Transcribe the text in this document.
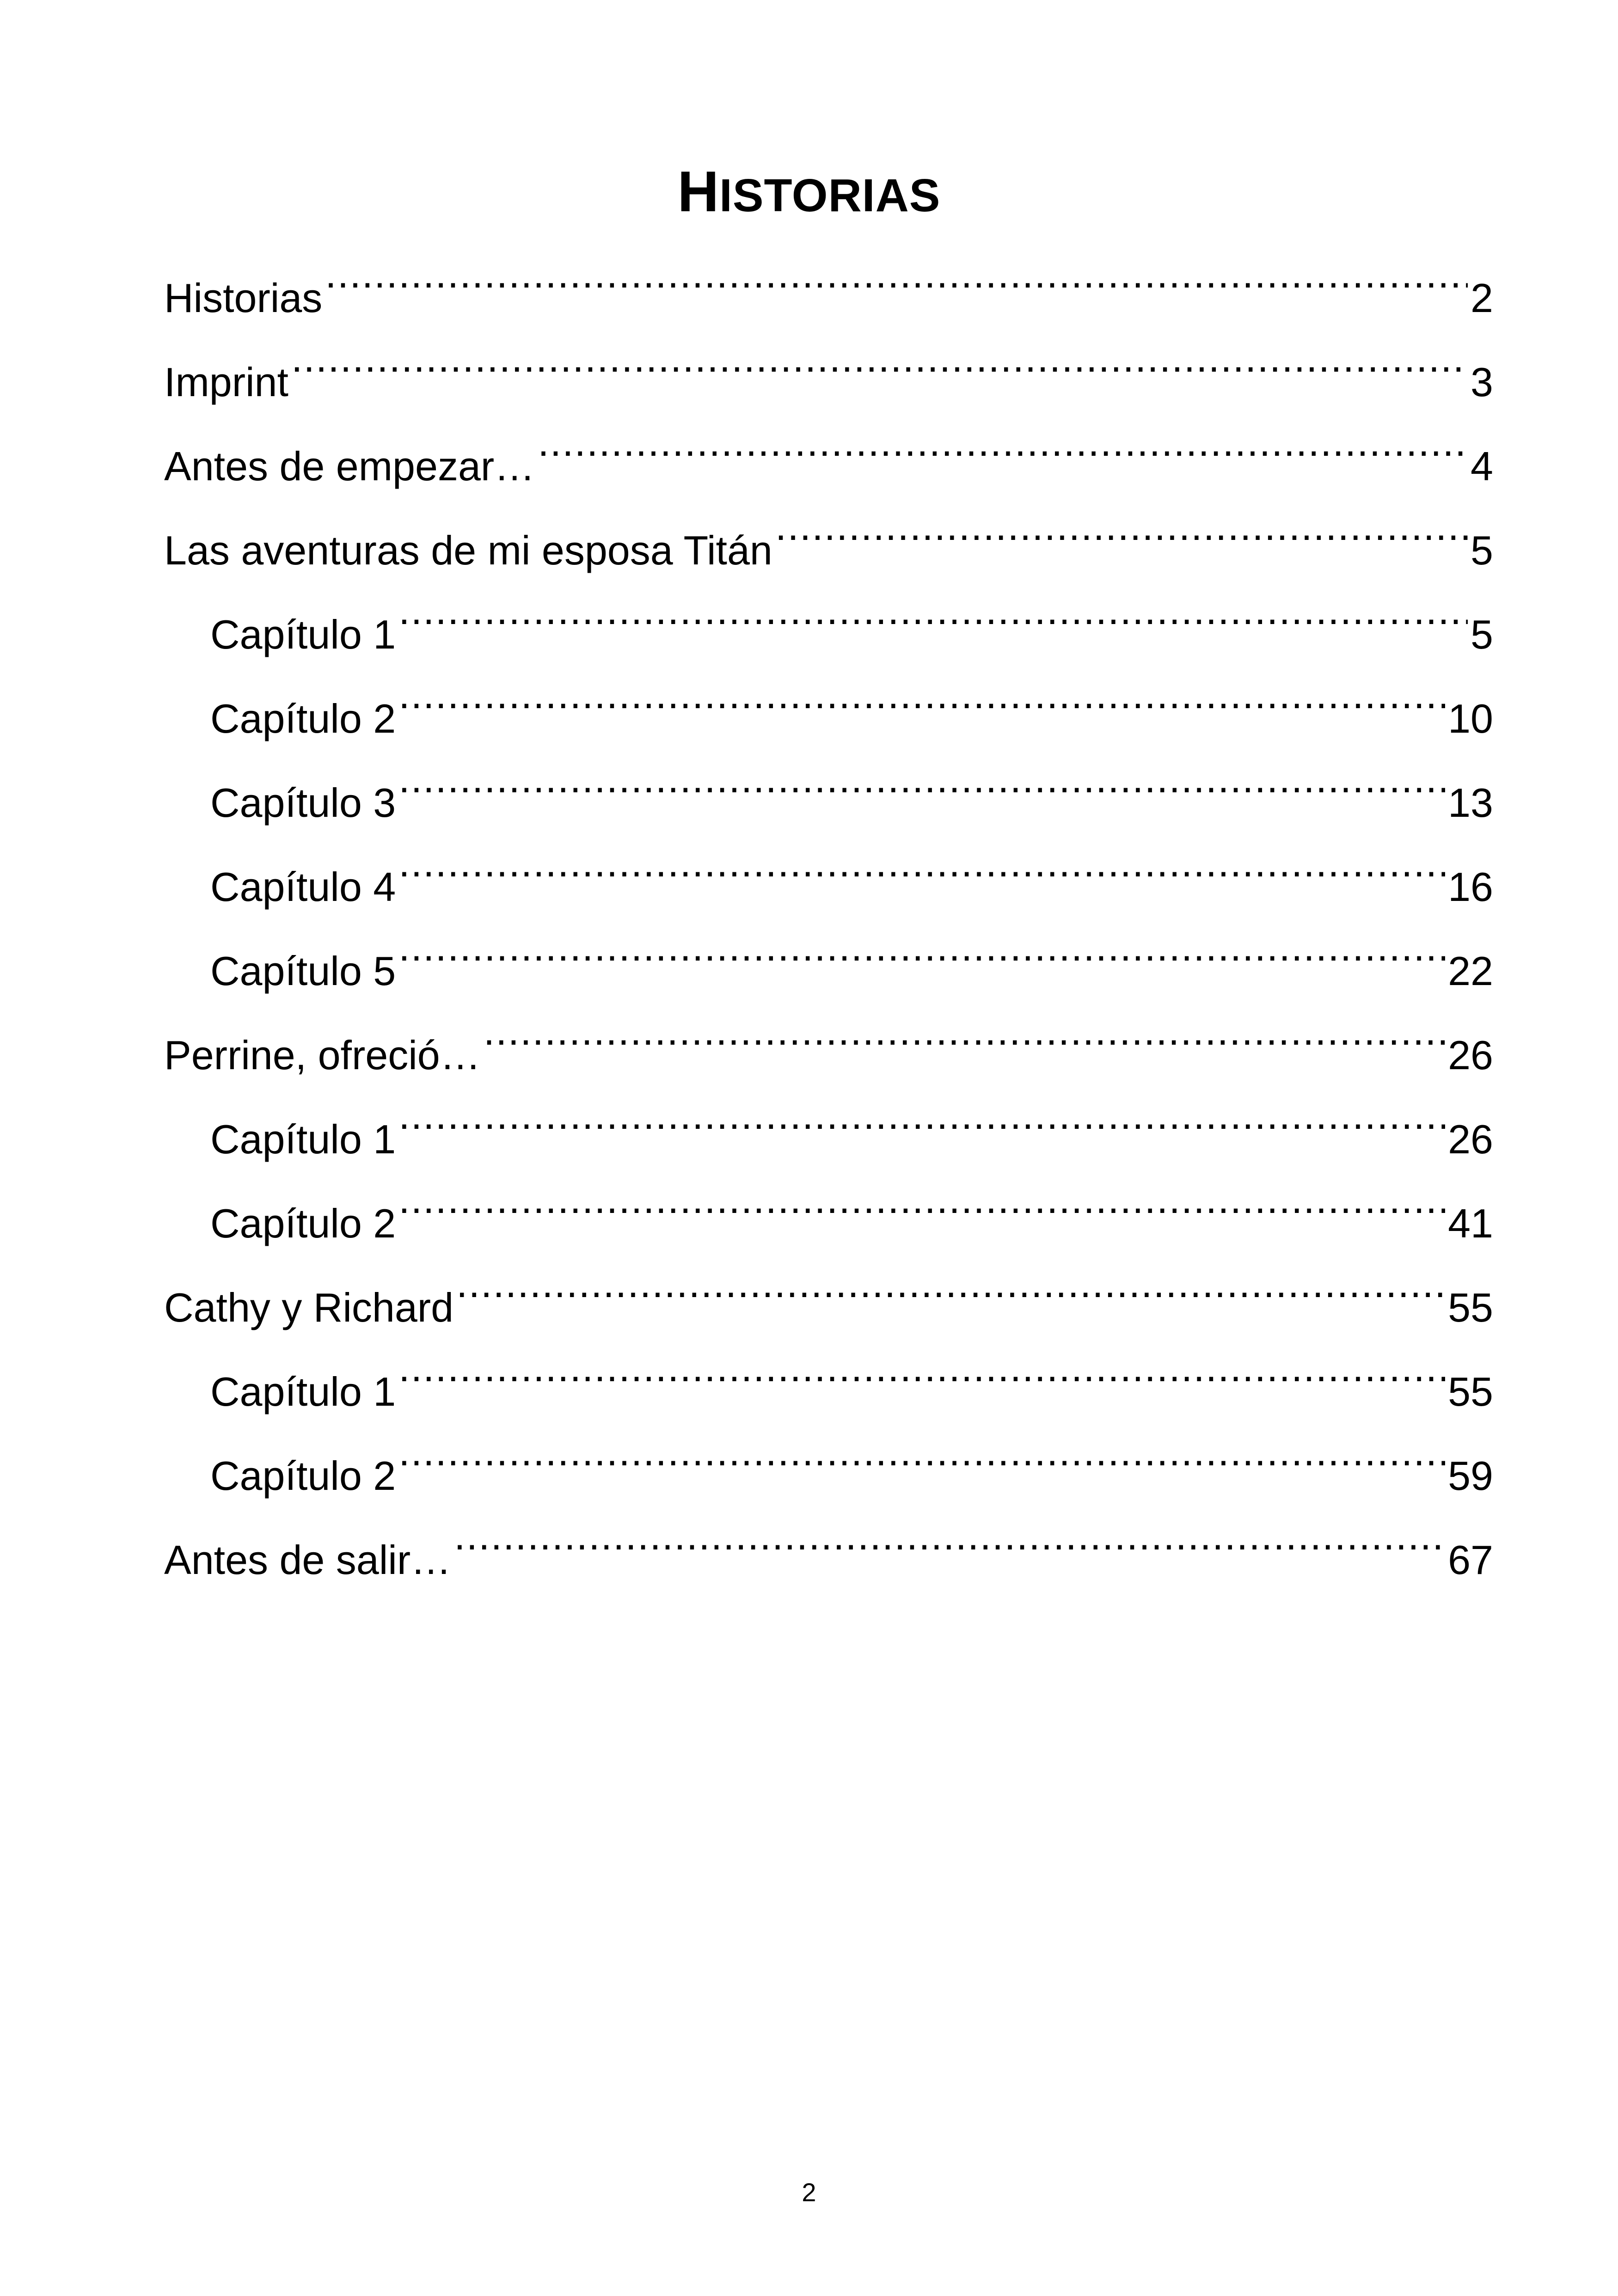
HISTORIAS
Historias .....	2
Imprint .....	3
Antes de empezar… .....	4
Las aventuras de mi esposa Titán .....	5
Capítulo 1 .....	5
Capítulo 2 .....	10
Capítulo 3 .....	13
Capítulo 4 .....	16
Capítulo 5 .....	22
Perrine, ofreció… .....	26
Capítulo 1 .....	26
Capítulo 2 .....	41
Cathy y Richard .....	55
Capítulo 1 .....	55
Capítulo 2 .....	59
Antes de salir… .....	67
2
